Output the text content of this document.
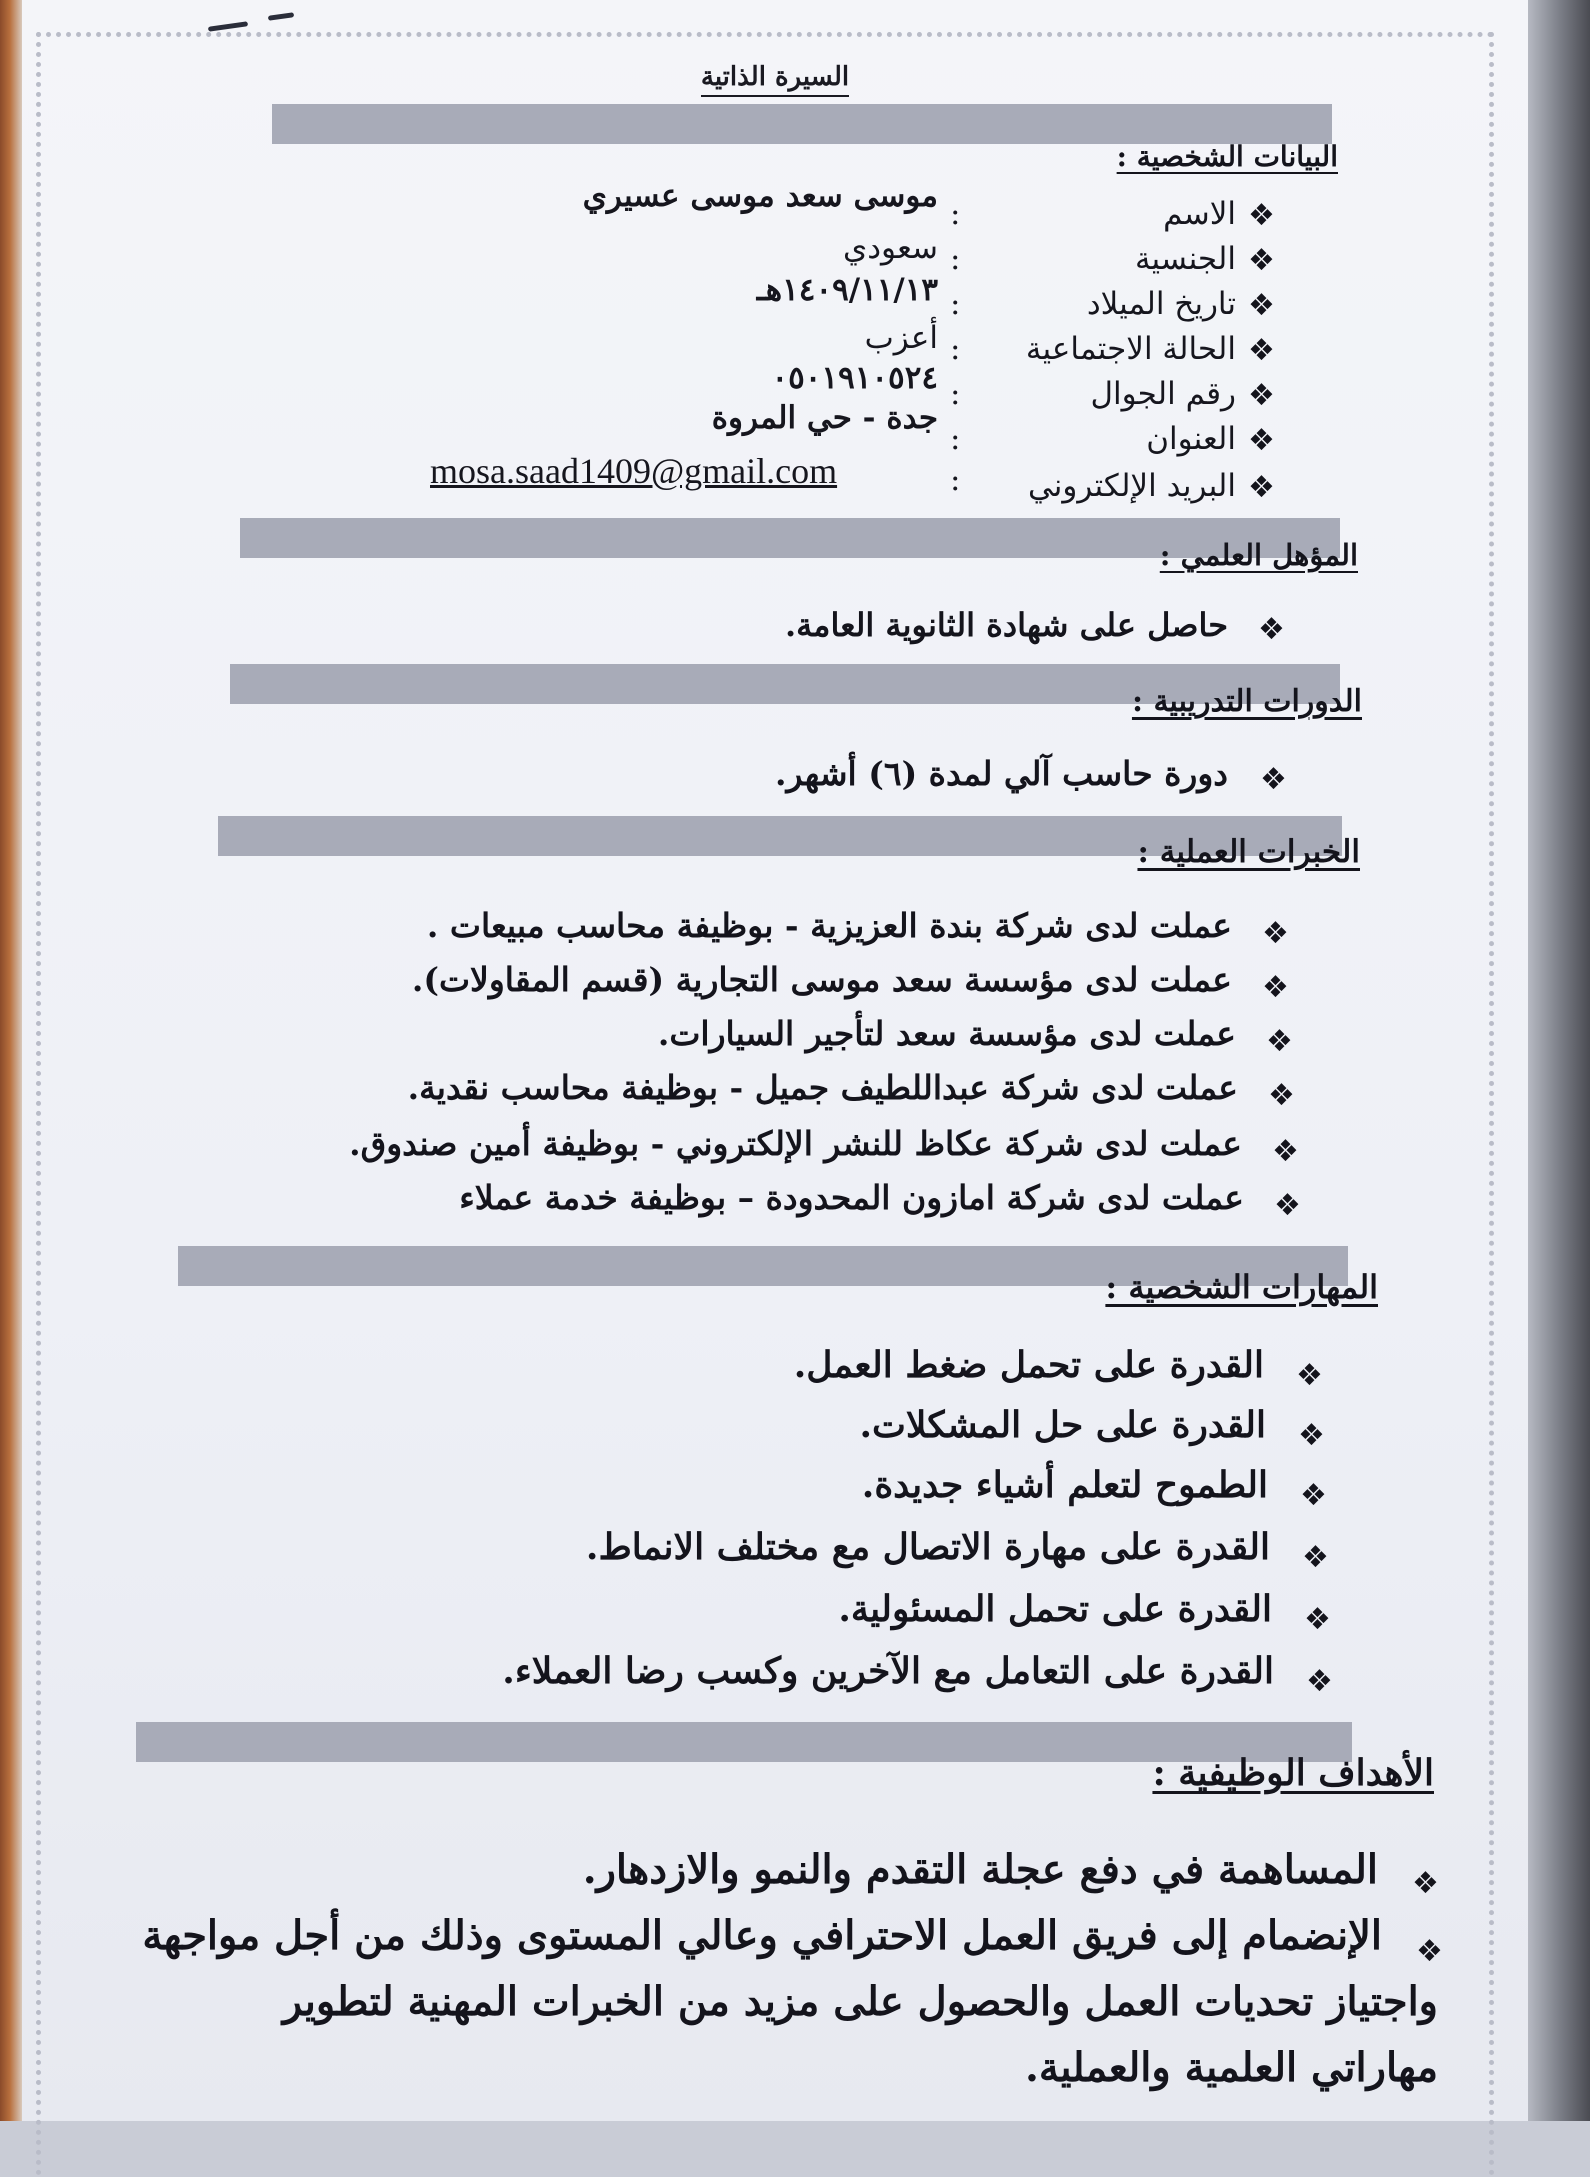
السيرة الذاتية
البيانات الشخصية :
❖
الاسم
:
موسى سعد موسى عسيري
❖
الجنسية
:
سعودي
❖
تاريخ الميلاد
:
١٤٠٩/١١/١٣هـ
❖
الحالة الاجتماعية
:
أعزب
❖
رقم الجوال
:
٠٥٠١٩١٠٥٢٤
❖
العنوان
:
جدة - حي المروة
❖
البريد الإلكتروني
:
mosa.saad1409@gmail.com
المؤهل العلمي :
❖
حاصل على شهادة الثانوية العامة.
الدورات التدريبية :
❖
دورة حاسب آلي لمدة (٦) أشهر.
الخبرات العملية :
❖
عملت لدى شركة بندة العزيزية - بوظيفة محاسب مبيعات .
❖
عملت لدى مؤسسة سعد موسى التجارية (قسم المقاولات).
❖
عملت لدى مؤسسة سعد لتأجير السيارات.
❖
عملت لدى شركة عبداللطيف جميل - بوظيفة محاسب نقدية.
❖
عملت لدى شركة عكاظ للنشر الإلكتروني - بوظيفة أمين صندوق.
❖
عملت لدى شركة امازون المحدودة – بوظيفة خدمة عملاء
المهارات الشخصية :
❖
القدرة على تحمل ضغط العمل.
❖
القدرة على حل المشكلات.
❖
الطموح لتعلم أشياء جديدة.
❖
القدرة على مهارة الاتصال مع مختلف الانماط.
❖
القدرة على تحمل المسئولية.
❖
القدرة على التعامل مع الآخرين وكسب رضا العملاء.
الأهداف الوظيفية :
❖
المساهمة في دفع عجلة التقدم والنمو والازدهار.
❖
الإنضمام إلى فريق العمل الاحترافي وعالي المستوى وذلك من أجل مواجهة
واجتياز تحديات العمل والحصول على مزيد من الخبرات المهنية لتطوير
مهاراتي العلمية والعملية.
